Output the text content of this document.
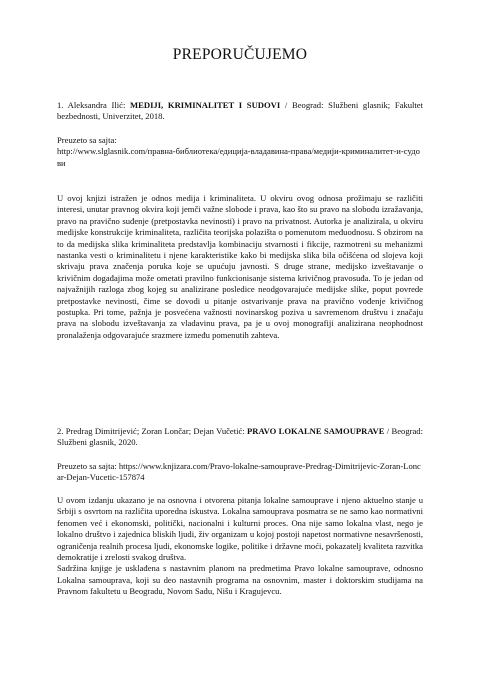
PREPORUČUJEMO
1. Aleksandra Ilić: MEDIJI, KRIMINALITET I SUDOVI / Beograd: Službeni glasnik; Fakultet bezbednosti, Univerzitet, 2018.

Preuzeto sa sajta:

http://www.slglasnik.com/правна-библиотека/едиција-владавина-права/медији-криминалитет-и-судови

U ovoj knjizi istražen je odnos medija i kriminaliteta. U okviru ovog odnosa prožimaju se različiti interesi, unutar pravnog okvira koji jemči važne slobode i prava, kao što su pravo na slobodu izražavanja, pravo na pravično suđenje (pretpostavka nevinosti) i pravo na privatnost. Autorka je analizirala, u okviru medijske konstrukcije kriminaliteta, različita teorijska polazišta o pomenutom međuodnosu. S obzirom na to da medijska slika kriminaliteta predstavlja kombinaciju stvarnosti i fikcije, razmotreni su mehanizmi nastanka vesti o kriminalitetu i njene karakteristike kako bi medijska slika bila očišćena od slojeva koji skrivaju prava značenja poruka koje se upućuju javnosti. S druge strane, medijsko izveštavanje o krivičnim događajima može ometati pravilno funkcionisanje sistema krivičnog pravosuđa. To je jedan od najvažnijih razloga zbog kojeg su analizirane posledice neodgovarajuće medijske slike, poput povrede pretpostavke nevinosti, čime se dovodi u pitanje ostvarivanje prava na pravično vođenje krivičnog postupka. Pri tome, pažnja je posvećena važnosti novinarskog poziva u savremenom društvu i značaju prava na slobodu izveštavanja za vladavinu prava, pa je u ovoj monografiji analizirana neophodnost pronalaženja odgovarajuće srazmere između pomenutih zahteva.

2. Predrag Dimitrijević; Zoran Lončar; Dejan Vučetić: PRAVO LOKALNE SAMOUPRAVE / Beograd: Službeni glasnik, 2020.
Preuzeto sa sajta: https://www.knjizara.com/Pravo-lokalne-samouprave-Predrag-Dimitrijevic-Zoran-Loncar-Dejan-Vucetic-157874

U ovom izdanju ukazano je na osnovna i otvorena pitanja lokalne samouprave i njeno aktuelno stanje u Srbiji s osvrtom na različita uporedna iskustva. Lokalna samouprava posmatra se ne samo kao normativni fenomen već i ekonomski, politički, nacionalni i kulturni proces. Ona nije samo lokalna vlast, nego je lokalno društvo i zajednica bliskih ljudi, živ organizam u kojoj postoji napetost normativne nesavršenosti, ograničenja realnih procesa ljudi, ekonomske logike, politike i državne moći, pokazatelj kvaliteta razvitka demokratije i zrelosti svakog društva.

Sadržina knjige je usklađena s nastavnim planom na predmetima Pravo lokalne samouprave, odnosno Lokalna samouprava, koji su deo nastavnih programa na osnovnim, master i doktorskim studijama na Pravnom fakultetu u Beogradu, Novom Sadu, Nišu i Kragujevcu.
